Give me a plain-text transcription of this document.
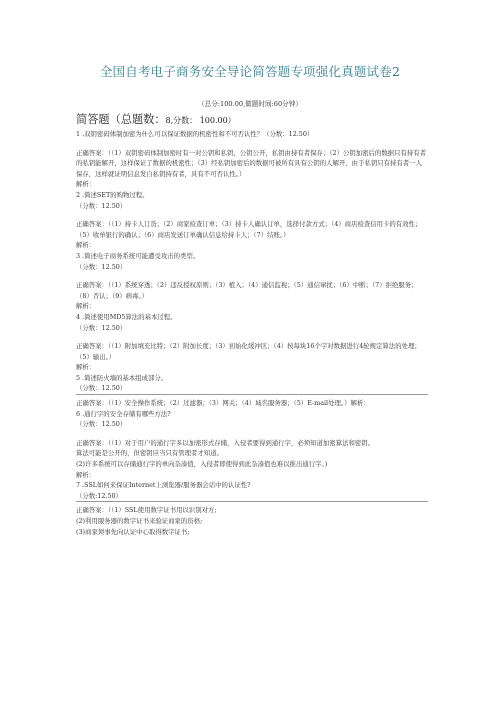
全国自考电子商务安全导论简答题专项强化真题试卷2
（总分:100.00,做题时间:60分钟）
简答题（总题数：8,分数： 100.00）

1 .双钥密码体制加密为什么可以保证数据的机密性和不可否认性？（分数：12.50）

正确答案：（（1）双钥密码体制加密时有一对公钥和私钥，公钥公开，私钥由持有者保存；（2）公钥加密后的数据只有持有者的私钥能解开，这样保证了数据的机密性；（3）经私钥加密后的数据可被所有具有公钥的人解开，由于私钥只有持有者一人保存，这样就证明信息发自私钥持有者，具有不可否认性。）

解析：

2 .简述SET的购物过程。

（分数：12.50）

正确答案：（（1）持卡人订货；（2）商家检查订单；（3）持卡人确认订单，选择付款方式；（4）商店检查信用卡的有效性；（5）收单银行的确认；（6）商店发送订单确认信息给持卡人；（7）结账。）

解析：

3 .简述电子商务系统可能遭受攻击的类型。

（分数：12.50）

正确答案：（（1）系统穿透；（2）违反授权原则；（3）植入；（4）通信监视；（5）通信窜扰；（6）中断；（7）拒绝服务；（8）否认；（9）病毒。）

解析：

4 .简述使用MD5算法的基本过程。

（分数：12.50）

正确答案：（（1）附加填充比特；（2）附加长度；（3）初始化缓冲区；（4）按每块16个字对数据进行4轮规定算法的处理；（5）输出。）

解析：

5 .简述防火墙的基本组成部分。

（分数：12.50）

正确答案：（（1）安全操作系统；（2）过滤器；（3）网关；（4）域名服务器；（5）E-mail处理。）解析：

6 .通行字的安全存储有哪些方法?

（分数：12.50）

正确答案：（（1）对于用户的通行字多以加密形式存储，入侵者要得到通行字，必须知道加密算法和密钥。

算法可能是公开的，但密钥应当只有管理者才知道。

(2)许多系统可以存储通行字的单向杂凑值，入侵者即使得到此杂凑值也难以推出通行字。)

解析：

7 .SSL如何来保证Internet上浏览器/服务器会话中的认证性?

（分数:12.50）

正确答案：（（1）SSL使用数字证书用以识别对方;

(2)利用服务器的数字证书来验证商家的资格;

(3)商家须事先向认证中心取得数字证书;
